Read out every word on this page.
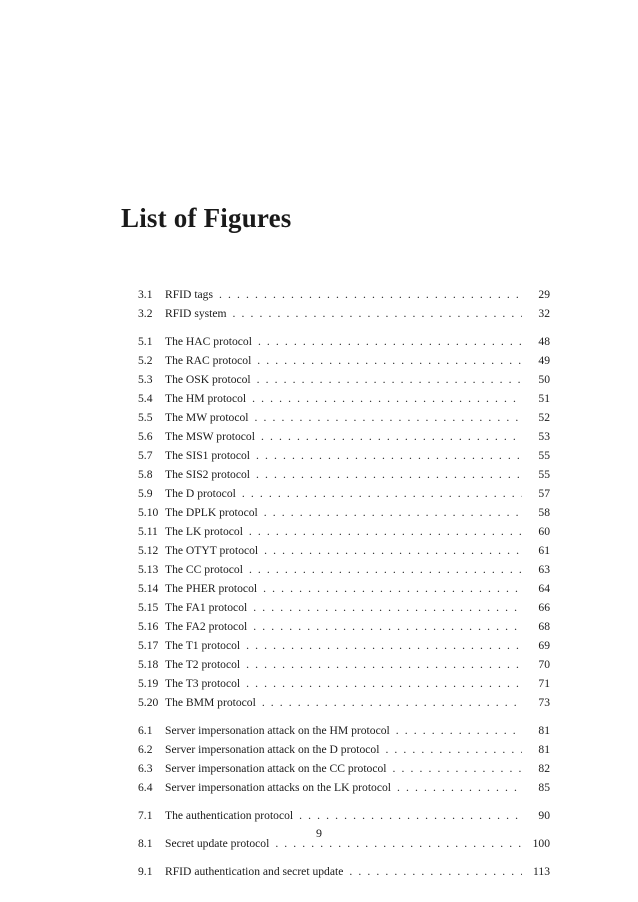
List of Figures
3.1	RFID tags . . .	29
3.2	RFID system . . .	32
5.1	The HAC protocol . . .	48
5.2	The RAC protocol . . .	49
5.3	The OSK protocol . . .	50
5.4	The HM protocol . . .	51
5.5	The MW protocol . . .	52
5.6	The MSW protocol . . .	53
5.7	The SIS1 protocol . . .	55
5.8	The SIS2 protocol . . .	55
5.9	The D protocol . . .	57
5.10 The DPLK protocol . . .	58
5.11 The LK protocol . . .	60
5.12 The OTYT protocol . . .	61
5.13 The CC protocol . . .	63
5.14 The PHER protocol . . .	64
5.15 The FA1 protocol . . .	66
5.16 The FA2 protocol . . .	68
5.17 The T1 protocol . . .	69
5.18 The T2 protocol . . .	70
5.19 The T3 protocol . . .	71
5.20 The BMM protocol . . .	73
6.1	Server impersonation attack on the HM protocol . . .	81
6.2	Server impersonation attack on the D protocol . . .	81
6.3	Server impersonation attack on the CC protocol . . .	82
6.4	Server impersonation attacks on the LK protocol . . .	85
7.1	The authentication protocol . . .	90
8.1	Secret update protocol . . .	100
9.1	RFID authentication and secret update . . .	113
9
